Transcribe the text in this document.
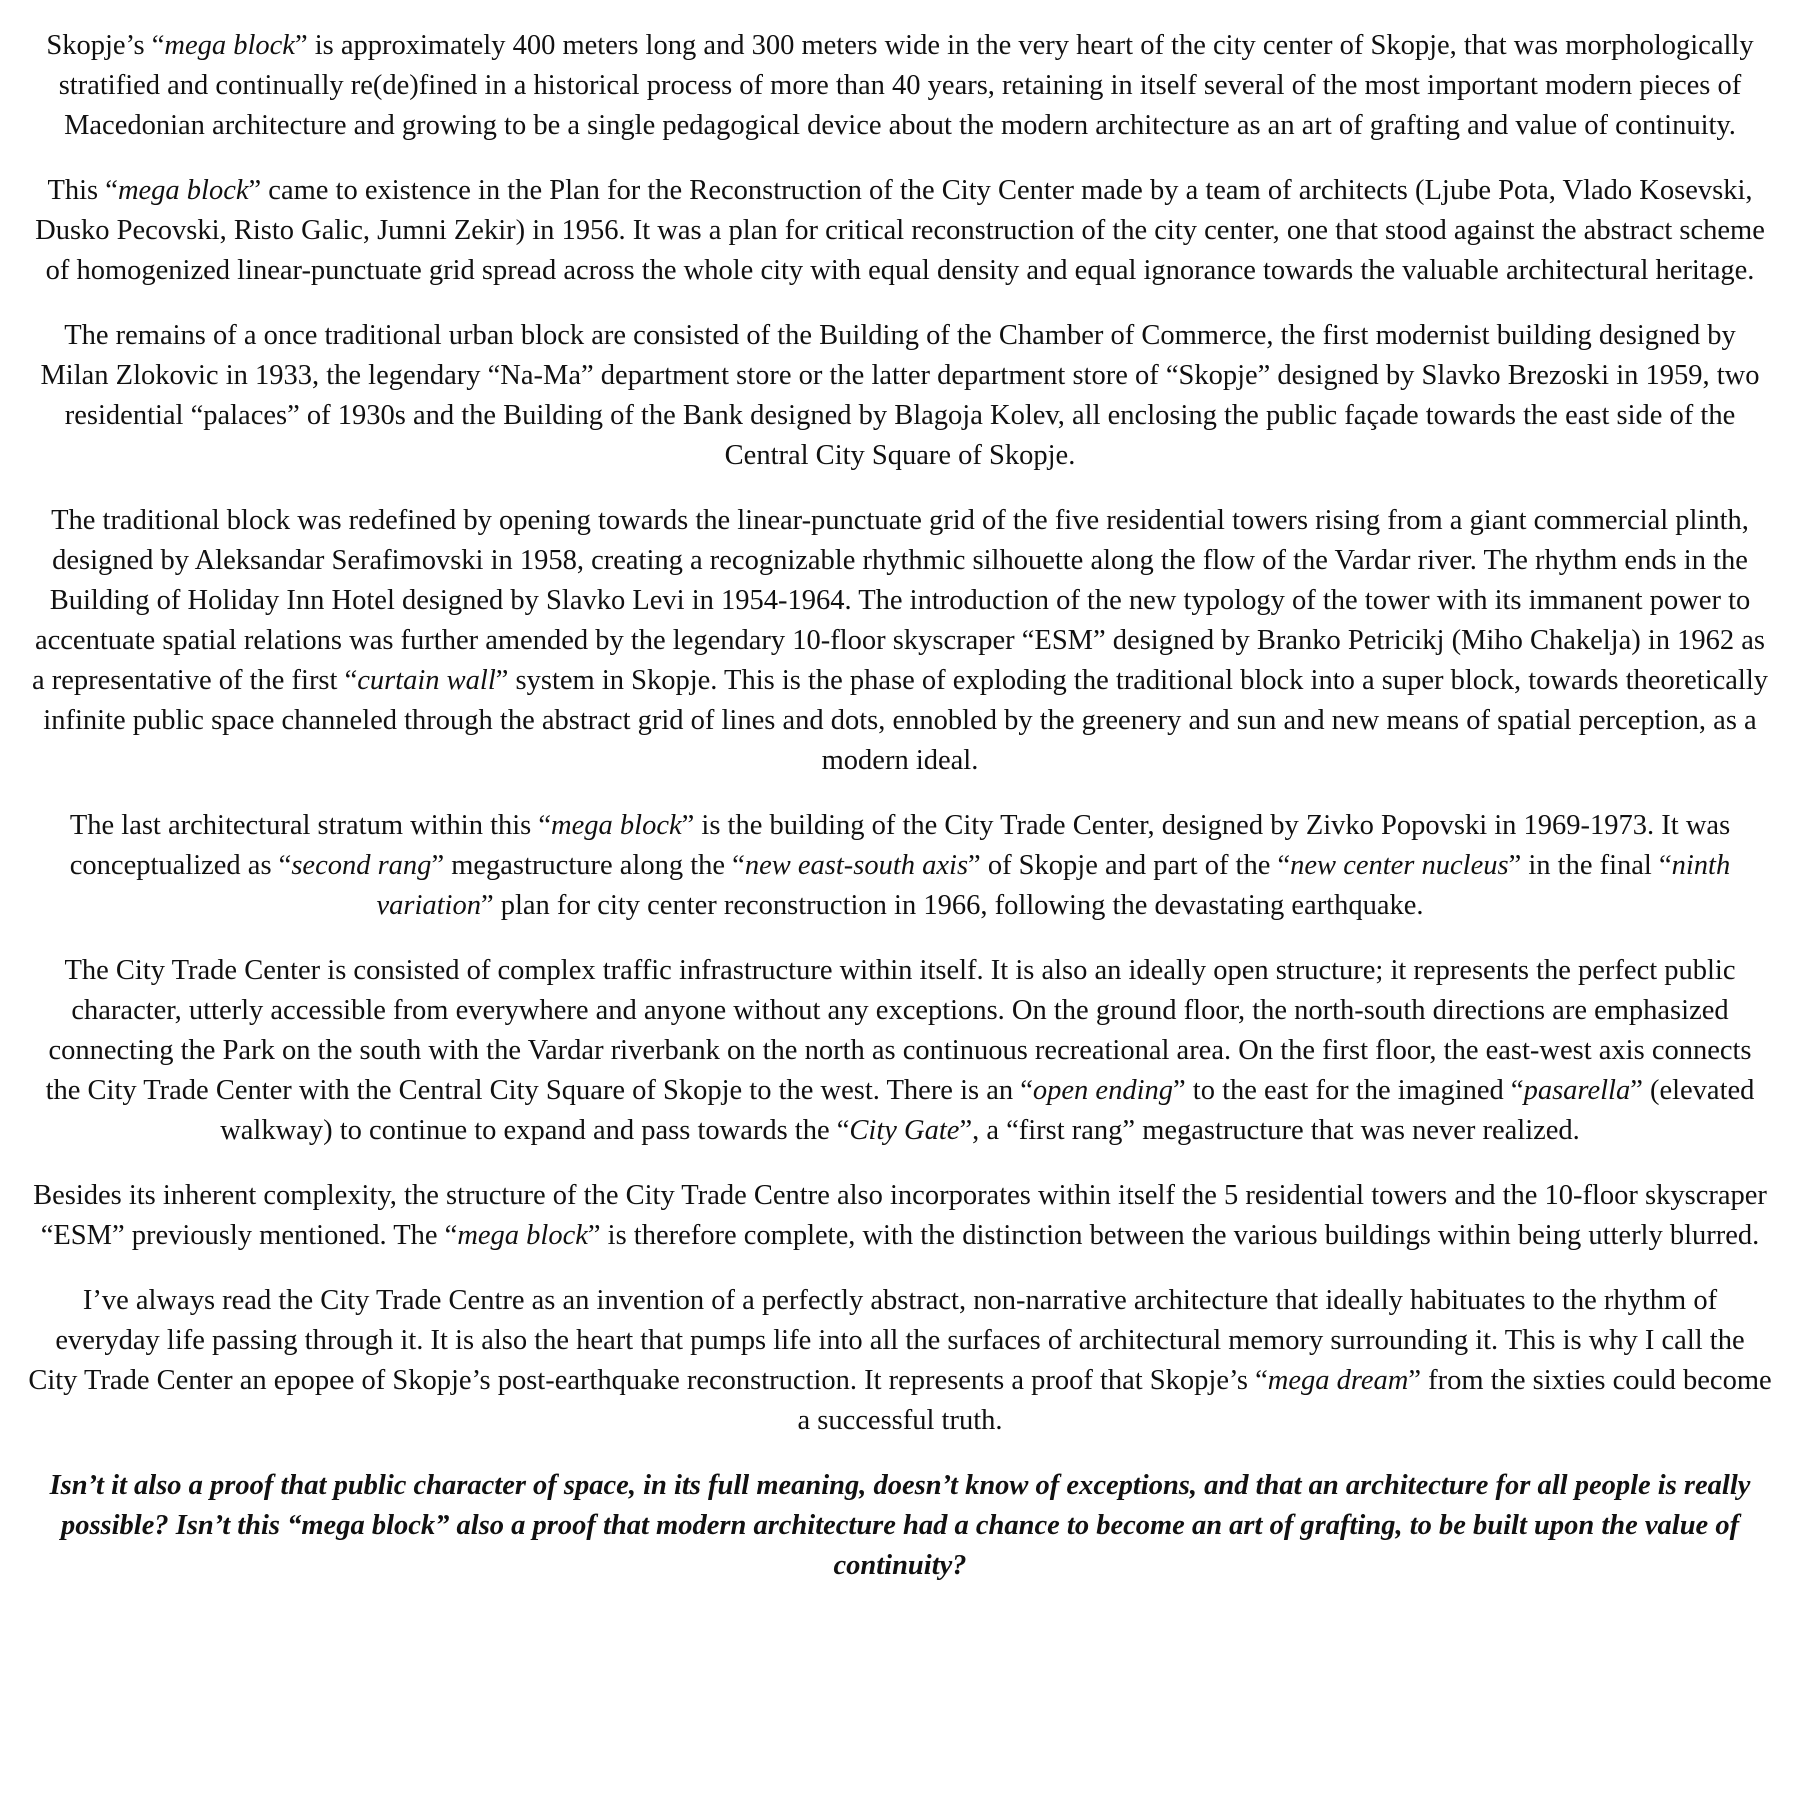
Skopje’s “mega block” is approximately 400 meters long and 300 meters wide in the very heart of the city center of Skopje, that was morphologically stratified and continually re(de)fined in a historical process of more than 40 years, retaining in itself several of the most important modern pieces of Macedonian architecture and growing to be a single pedagogical device about the modern architecture as an art of grafting and value of continuity.

This “mega block” came to existence in the Plan for the Reconstruction of the City Center made by a team of architects (Ljube Pota, Vlado Kosevski, Dusko Pecovski, Risto Galic, Jumni Zekir) in 1956. It was a plan for critical reconstruction of the city center, one that stood against the abstract scheme of homogenized linear-punctuate grid spread across the whole city with equal density and equal ignorance towards the valuable architectural heritage.

The remains of a once traditional urban block are consisted of the Building of the Chamber of Commerce, the first modernist building designed by Milan Zlokovic in 1933, the legendary “Na-Ma” department store or the latter department store of “Skopje” designed by Slavko Brezoski in 1959, two residential “palaces” of 1930s and the Building of the Bank designed by Blagoja Kolev, all enclosing the public façade towards the east side of the Central City Square of Skopje.

The traditional block was redefined by opening towards the linear-punctuate grid of the five residential towers rising from a giant commercial plinth, designed by Aleksandar Serafimovski in 1958, creating a recognizable rhythmic silhouette along the flow of the Vardar river. The rhythm ends in the Building of Holiday Inn Hotel designed by Slavko Levi in 1954-1964. The introduction of the new typology of the tower with its immanent power to accentuate spatial relations was further amended by the legendary 10-floor skyscraper “ESM” designed by Branko Petricikj (Miho Chakelja) in 1962 as a representative of the first “curtain wall” system in Skopje. This is the phase of exploding the traditional block into a super block, towards theoretically infinite public space channeled through the abstract grid of lines and dots, ennobled by the greenery and sun and new means of spatial perception, as a modern ideal.

The last architectural stratum within this “mega block” is the building of the City Trade Center, designed by Zivko Popovski in 1969-1973. It was conceptualized as “second rang” megastructure along the “new east-south axis” of Skopje and part of the “new center nucleus” in the final “ninth variation” plan for city center reconstruction in 1966, following the devastating earthquake.

The City Trade Center is consisted of complex traffic infrastructure within itself. It is also an ideally open structure; it represents the perfect public character, utterly accessible from everywhere and anyone without any exceptions. On the ground floor, the north-south directions are emphasized connecting the Park on the south with the Vardar riverbank on the north as continuous recreational area. On the first floor, the east-west axis connects the City Trade Center with the Central City Square of Skopje to the west. There is an “open ending” to the east for the imagined “pasarella” (elevated walkway) to continue to expand and pass towards the “City Gate”, a “first rang” megastructure that was never realized.

Besides its inherent complexity, the structure of the City Trade Centre also incorporates within itself the 5 residential towers and the 10-floor skyscraper “ESM” previously mentioned. The “mega block” is therefore complete, with the distinction between the various buildings within being utterly blurred.

I’ve always read the City Trade Centre as an invention of a perfectly abstract, non-narrative architecture that ideally habituates to the rhythm of everyday life passing through it. It is also the heart that pumps life into all the surfaces of architectural memory surrounding it. This is why I call the City Trade Center an epopee of Skopje’s post-earthquake reconstruction. It represents a proof that Skopje’s “mega dream” from the sixties could become a successful truth.

Isn’t it also a proof that public character of space, in its full meaning, doesn’t know of exceptions, and that an architecture for all people is really possible? Isn’t this “mega block” also a proof that modern architecture had a chance to become an art of grafting, to be built upon the value of continuity?
